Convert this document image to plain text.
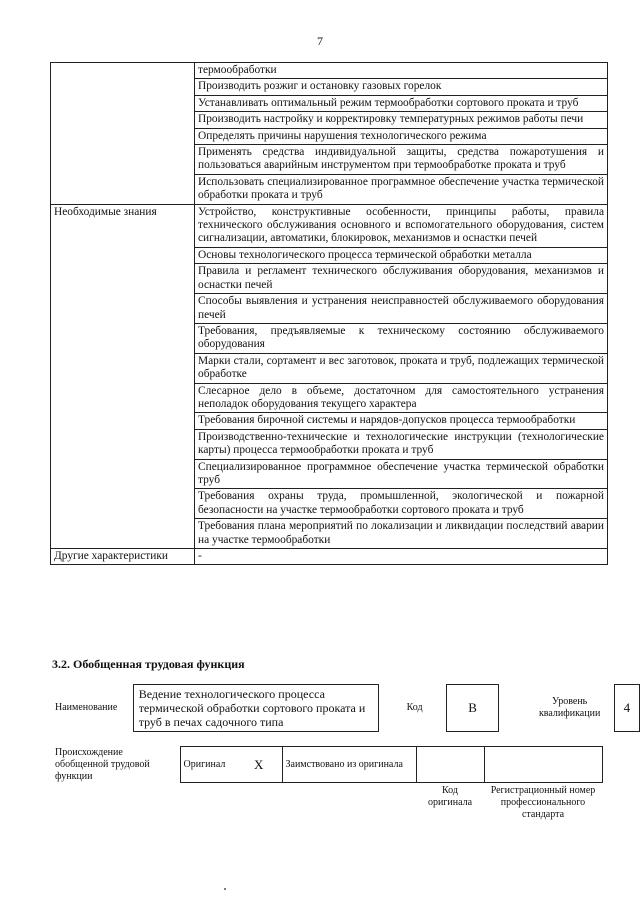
7
	термообработки
	Производить розжиг и остановку газовых горелок
	Устанавливать оптимальный режим термообработки сортового проката и труб
	Производить настройку и корректировку температурных режимов работы печи
	Определять причины нарушения технологического режима
	Применять средства индивидуальной защиты, средства пожаротушения и пользоваться аварийным инструментом при термообработке проката и труб
	Использовать специализированное программное обеспечение участка термической обработки проката и труб
Необходимые знания	Устройство, конструктивные особенности, принципы работы, правила технического обслуживания основного и вспомогательного оборудования, систем сигнализации, автоматики, блокировок, механизмов и оснастки печей
	Основы технологического процесса термической обработки металла
	Правила и регламент технического обслуживания оборудования, механизмов и оснастки печей
	Способы выявления и устранения неисправностей обслуживаемого оборудования печей
	Требования, предъявляемые к техническому состоянию обслуживаемого оборудования
	Марки стали, сортамент и вес заготовок, проката и труб, подлежащих термической обработке
	Слесарное дело в объеме, достаточном для самостоятельного устранения неполадок оборудования текущего характера
	Требования бирочной системы и нарядов-допусков процесса термообработки
	Производственно-технические и технологические инструкции (технологические карты) процесса термообработки проката и труб
	Специализированное программное обеспечение участка термической обработки труб
	Требования охраны труда, промышленной, экологической и пожарной безопасности на участке термообработки сортового проката и труб
	Требования плана мероприятий по локализации и ликвидации последствий аварии на участке термообработки
Другие характеристики	-
3.2. Обобщенная трудовая функция
Наименование	Ведение технологического процесса термической обработки сортового проката и труб в печах садочного типа		Код	В		Уровень квалификации	4
Происхождение обобщенной трудовой функции	Оригинал	Х	Заимствовано из оригинала		
				Код оригинала	Регистрационный номер профессионального стандарта
